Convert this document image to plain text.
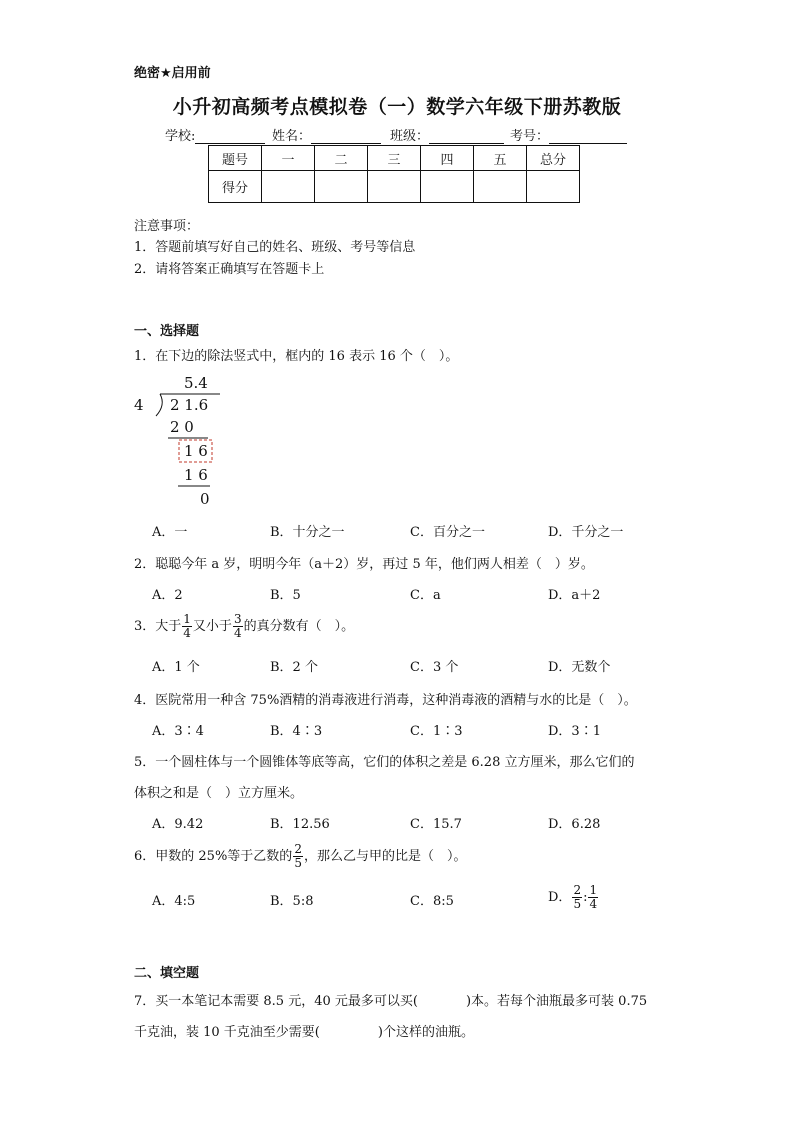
绝密★启用前
小升初高频考点模拟卷（一）数学六年级下册苏教版
学校:	姓名：	班级：	考号：
题号	一	二	三	四	五	总分
得分						
注意事项：
1．答题前填写好自己的姓名、班级、考号等信息
2．请将答案正确填写在答题卡上
一、选择题
1．在下边的除法竖式中，框内的 16 表示 16 个（　）。
5.4
4 2 1.6
2 0
1 6
1 6
0
A．一	B．十分之一	C．百分之一	D．千分之一
2．聪聪今年 a 岁，明明今年（a＋2）岁，再过 5 年，他们两人相差（　）岁。
A．2	B．5	C．a	D．a＋2
3．大于 $\frac{1}{4}$ 又小于 $\frac{3}{4}$ 的真分数有（　）。
A．1 个	B．2 个	C．3 个	D．无数个
4．医院常用一种含 75%酒精的消毒液进行消毒，这种消毒液的酒精与水的比是（　）。
A．3∶4	B．4∶3	C．1∶3	D．3∶1
5．一个圆柱体与一个圆锥体等底等高，它们的体积之差是 6.28 立方厘米，那么它们的
体积之和是（　）立方厘米。
A．9.42	B．12.56	C．15.7	D．6.28
6．甲数的 25%等于乙数的 $\frac{2}{5}$ ，那么乙与甲的比是（　）。
A．4:5	B．5:8	C．8:5	D． $\frac{2}{5}$ : $\frac{1}{4}$
二、填空题
7．买一本笔记本需要 8.5 元，40 元最多可以买(	)本。若每个油瓶最多可装 0.75
千克油，装 10 千克油至少需要(	)个这样的油瓶。
